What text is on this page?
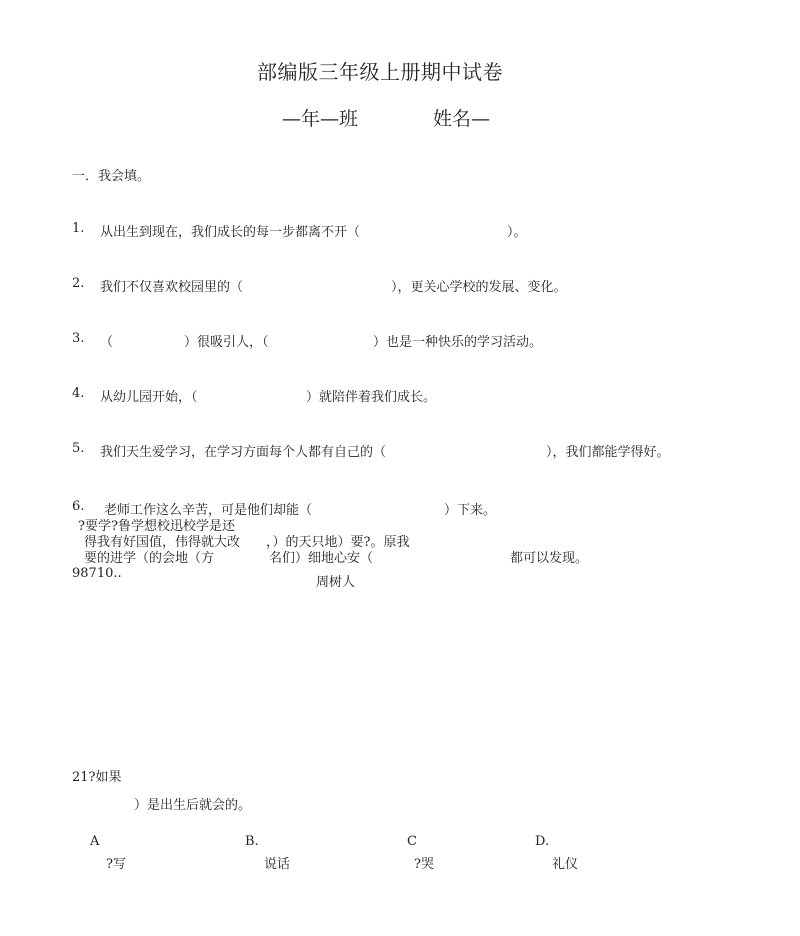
部编版三年级上册期中试卷
—年—班	姓名—
一．我会填。
1. 从出生到现在，我们成长的每一步都离不开（	）。
2. 我们不仅喜欢校园里的（	），更关心学校的发展、变化。
3. （	）很吸引人，（	）也是一种快乐的学习活动。
4. 从幼儿园开始，（	）就陪伴着我们成长。
5. 我们天生爱学习，在学习方面每个人都有自己的（	），我们都能学得好。
6. 老师工作这么辛苦，可是他们却能（	）下来。
?要学?鲁学想校迅校学是还
得我有好国值，伟得就大改 ，）的天只地）要?。原我
要的进学（的会地（方	名们）细地心安（	都可以发现。
98710..
周树人
21?如果
）是出生后就会的。
A
?写
B.
说话
C
?哭
D.
礼仪
